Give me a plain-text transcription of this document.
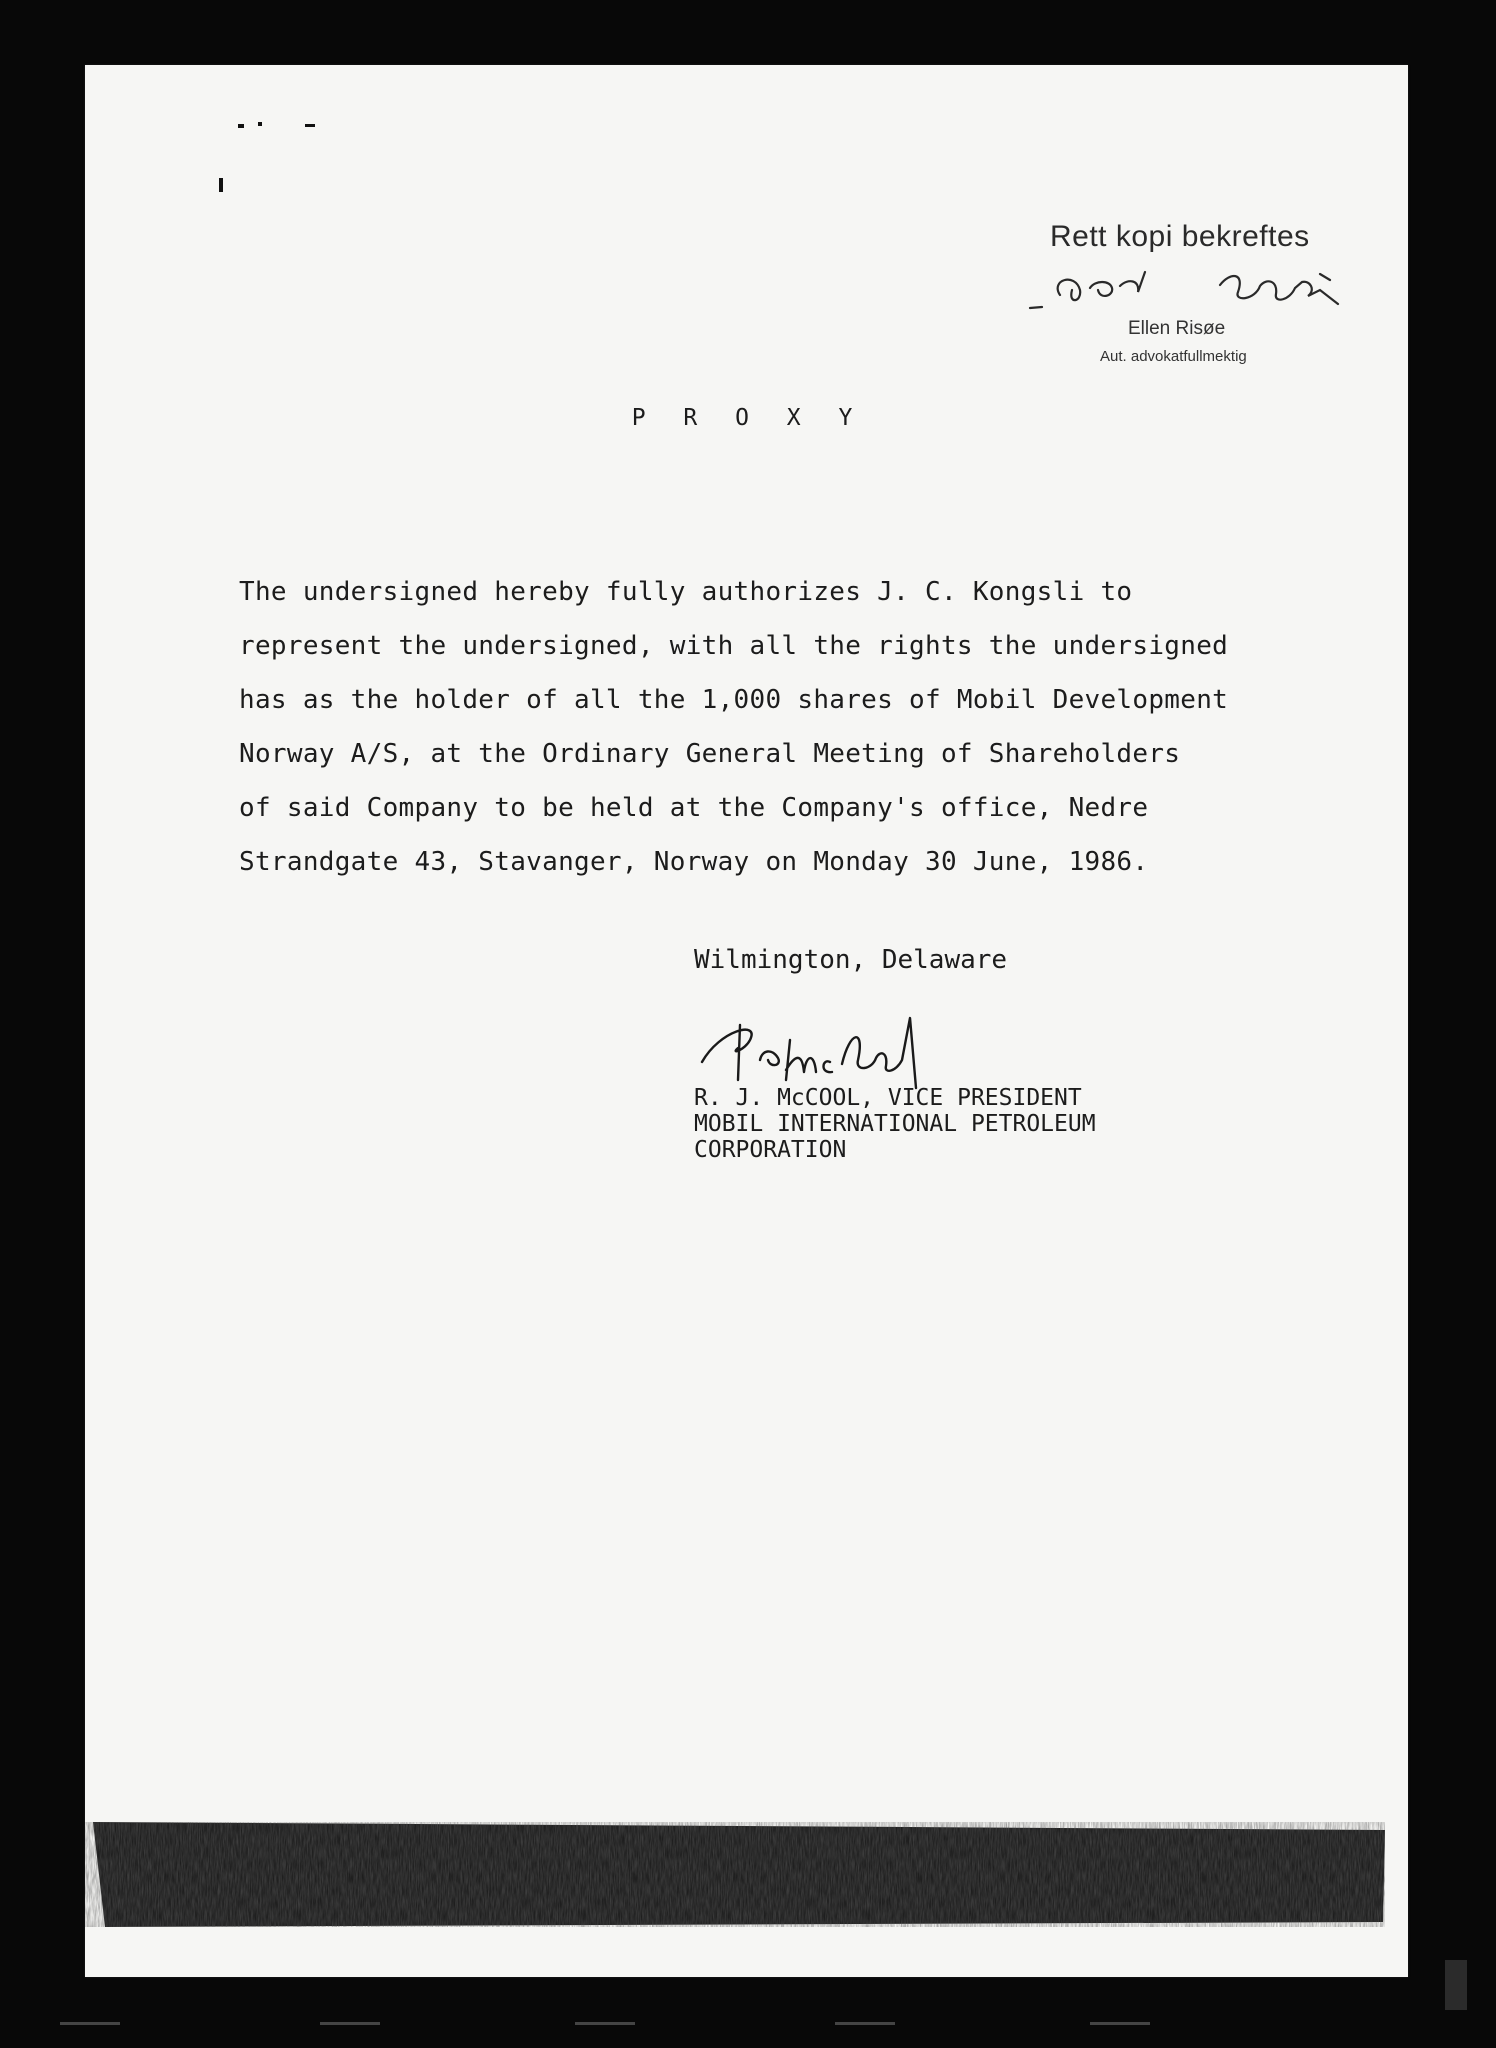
Rett kopi bekreftes
Ellen Risøe
Aut. advokatfullmektig
P R O X Y

The undersigned hereby fully authorizes J. C. Kongsli to
represent the undersigned, with all the rights the undersigned
has as the holder of all the 1,000 shares of Mobil Development
Norway A/S, at the Ordinary General Meeting of Shareholders
of said Company to be held at the Company's office, Nedre
Strandgate 43, Stavanger, Norway on Monday 30 June, 1986.

Wilmington, Delaware
R. J. McCOOL, VICE PRESIDENT
MOBIL INTERNATIONAL PETROLEUM
CORPORATION
